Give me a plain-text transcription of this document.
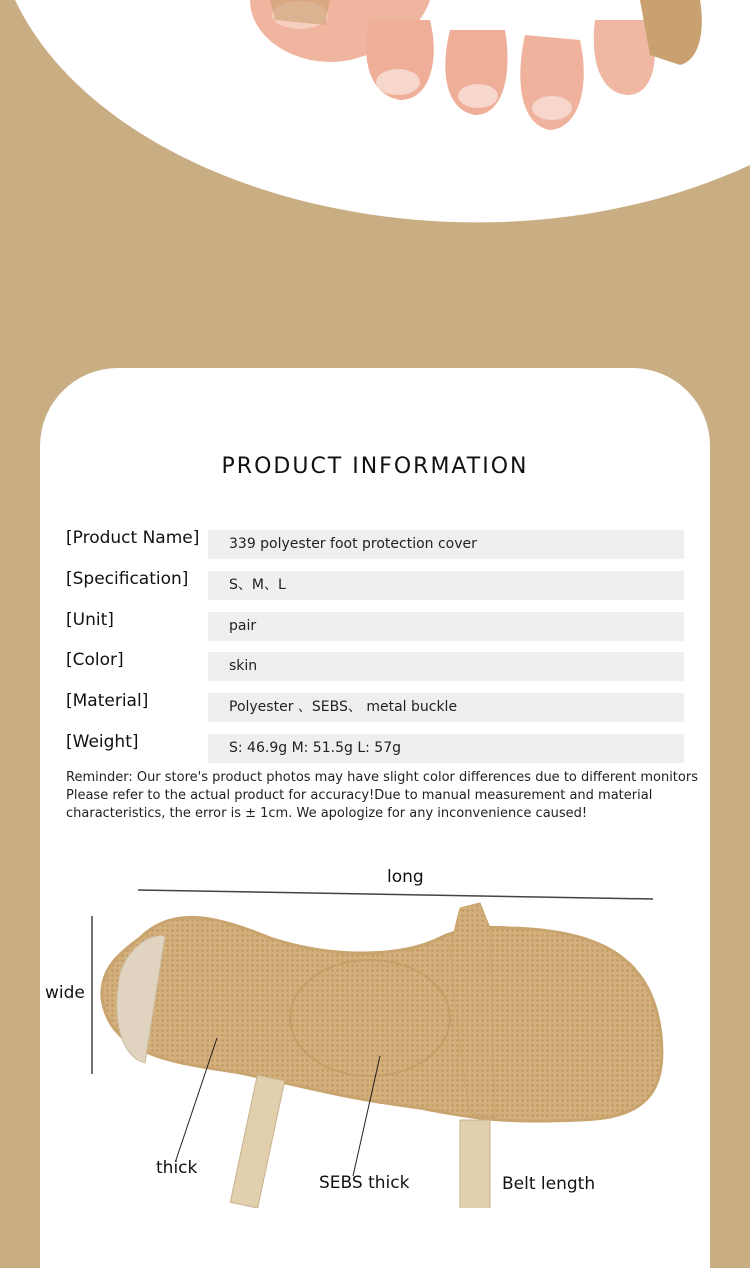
PRODUCT INFORMATION
[Product Name]	339 polyester foot protection cover
[Specification]	S、M、L
[Unit]	pair
[Color]	skin
[Material]	Polyester 、SEBS、 metal buckle
[Weight]	S: 46.9g M: 51.5g L: 57g
Reminder: Our store's product photos may have slight color differences due to different monitors Please refer to the actual product for accuracy!Due to manual measurement and material characteristics, the error is ± 1cm. We apologize for any inconvenience caused!
long
wide
thick
SEBS thick	Belt length
